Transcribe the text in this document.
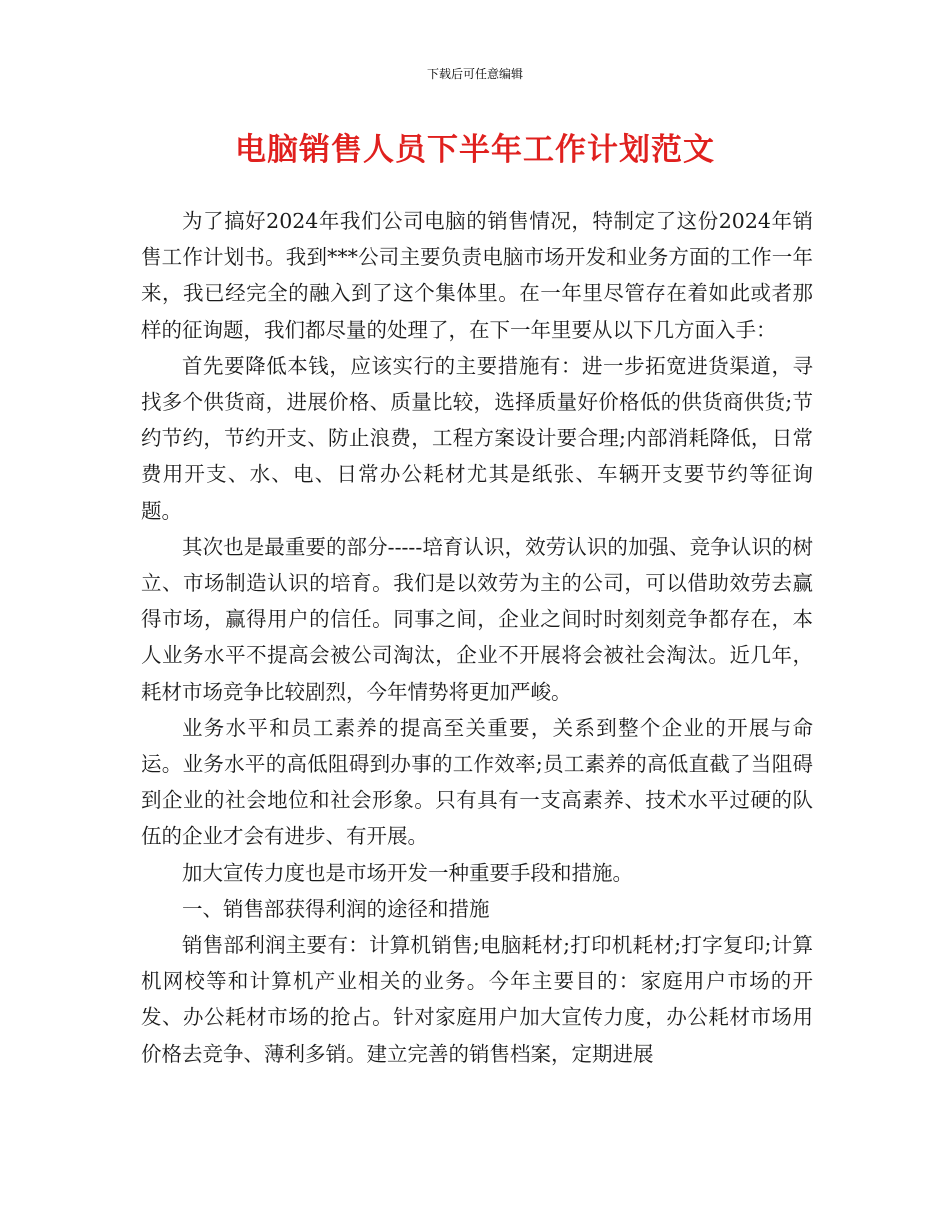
下载后可任意编辑
电脑销售人员下半年工作计划范文

为了搞好2024年我们公司电脑的销售情况，特制定了这份2024年销售工作计划书。我到***公司主要负责电脑市场开发和业务方面的工作一年来，我已经完全的融入到了这个集体里。在一年里尽管存在着如此或者那样的征询题，我们都尽量的处理了，在下一年里要从以下几方面入手：

首先要降低本钱，应该实行的主要措施有：进一步拓宽进货渠道，寻找多个供货商，进展价格、质量比较，选择质量好价格低的供货商供货;节约节约，节约开支、防止浪费，工程方案设计要合理;内部消耗降低，日常费用开支、水、电、日常办公耗材尤其是纸张、车辆开支要节约等征询题。

其次也是最重要的部分-----培育认识，效劳认识的加强、竞争认识的树立、市场制造认识的培育。我们是以效劳为主的公司，可以借助效劳去赢得市场，赢得用户的信任。同事之间，企业之间时时刻刻竞争都存在，本人业务水平不提高会被公司淘汰，企业不开展将会被社会淘汰。近几年，耗材市场竞争比较剧烈，今年情势将更加严峻。

业务水平和员工素养的提高至关重要，关系到整个企业的开展与命运。业务水平的高低阻碍到办事的工作效率;员工素养的高低直截了当阻碍到企业的社会地位和社会形象。只有具有一支高素养、技术水平过硬的队伍的企业才会有进步、有开展。

加大宣传力度也是市场开发一种重要手段和措施。

一、销售部获得利润的途径和措施

销售部利润主要有：计算机销售;电脑耗材;打印机耗材;打字复印;计算机网校等和计算机产业相关的业务。今年主要目的：家庭用户市场的开发、办公耗材市场的抢占。针对家庭用户加大宣传力度，办公耗材市场用价格去竞争、薄利多销。建立完善的销售档案，定期进展
